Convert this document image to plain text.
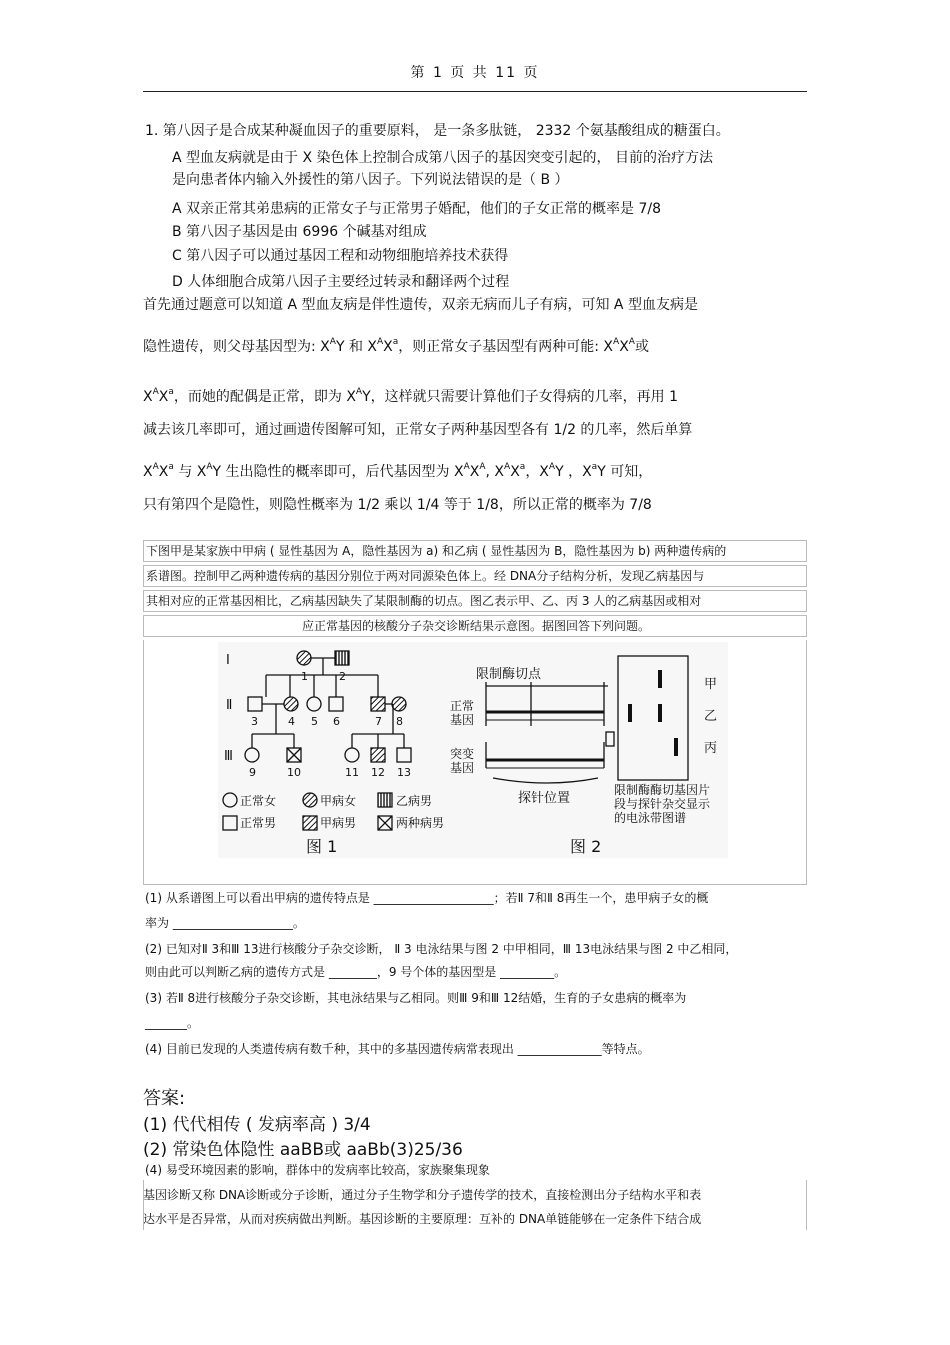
第 1 页 共 11 页
1. 第八因子是合成某种凝血因子的重要原料， 是一条多肽链， 2332 个氨基酸组成的糖蛋白。
A 型血友病就是由于 X 染色体上控制合成第八因子的基因突变引起的， 目前的治疗方法
是向患者体内输入外援性的第八因子。下列说法错误的是（ B ）
A 双亲正常其弟患病的正常女子与正常男子婚配，他们的子女正常的概率是 7/8
B 第八因子基因是由 6996 个碱基对组成
C 第八因子可以通过基因工程和动物细胞培养技术获得
D 人体细胞合成第八因子主要经过转录和翻译两个过程
首先通过题意可以知道 A 型血友病是伴性遗传，双亲无病而儿子有病，可知 A 型血友病是
隐性遗传，则父母基因型为: $X^AY$ 和 $X^AX^a$，则正常女子基因型有两种可能: $X^AX^A$或
$X^AX^a$，而她的配偶是正常，即为 $X^AY$，这样就只需要计算他们子女得病的几率，再用 1
减去该几率即可，通过画遗传图解可知，正常女子两种基因型各有 1/2 的几率，然后单算
$X^AX^a$ 与 $X^AY$ 生出隐性的概率即可，后代基因型为 $X^AX^A$, $X^AX^a$，$X^AY$ ，$X^aY$ 可知，
只有第四个是隐性，则隐性概率为 1/2 乘以 1/4 等于 1/8，所以正常的概率为 7/8
下图甲是某家族中甲病 ( 显性基因为 A，隐性基因为 a) 和乙病 ( 显性基因为 B，隐性基因为 b) 两种遗传病的
系谱图。控制甲乙两种遗传病的基因分别位于两对同源染色体上。经 DNA分子结构分析，发现乙病基因与
其相对应的正常基因相比，乙病基因缺失了某限制酶的切点。图乙表示甲、乙、丙 3 人的乙病基因或相对
应正常基因的核酸分子杂交诊断结果示意图。据图回答下列问题。
Ⅰ
Ⅱ
Ⅲ
1	2
3	4 5 6	7 8
9	10	11 12 13
正常女	甲病女	乙病男
正常男	甲病男	两种病男
图 1
限制酶切点
正常
基因
突变
基因
探针位置
甲
乙
丙
限制酶酶切基因片
段与探针杂交显示
的电泳带图谱
图 2
(1) 从系谱图上可以看出甲病的遗传特点是 ____________________；若Ⅱ 7和Ⅱ 8再生一个，患甲病子女的概
率为 ____________________。
(2) 已知对Ⅱ 3和Ⅲ 13进行核酸分子杂交诊断， Ⅱ 3 电泳结果与图 2 中甲相同，Ⅲ 13电泳结果与图 2 中乙相同，
则由此可以判断乙病的遗传方式是 ________，9 号个体的基因型是 _________。
(3) 若Ⅱ 8进行核酸分子杂交诊断，其电泳结果与乙相同。则Ⅲ 9和Ⅲ 12结婚，生育的子女患病的概率为
_______。
(4) 目前已发现的人类遗传病有数千种，其中的多基因遗传病常表现出 ______________等特点。
答案:
(1) 代代相传 ( 发病率高 ) 3/4
(2) 常染色体隐性 aaBB或 aaBb(3)25/36
(4) 易受环境因素的影响，群体中的发病率比较高，家族聚集现象
基因诊断又称 DNA诊断或分子诊断，通过分子生物学和分子遗传学的技术，直接检测出分子结构水平和表
达水平是否异常，从而对疾病做出判断。基因诊断的主要原理：互补的 DNA单链能够在一定条件下结合成
